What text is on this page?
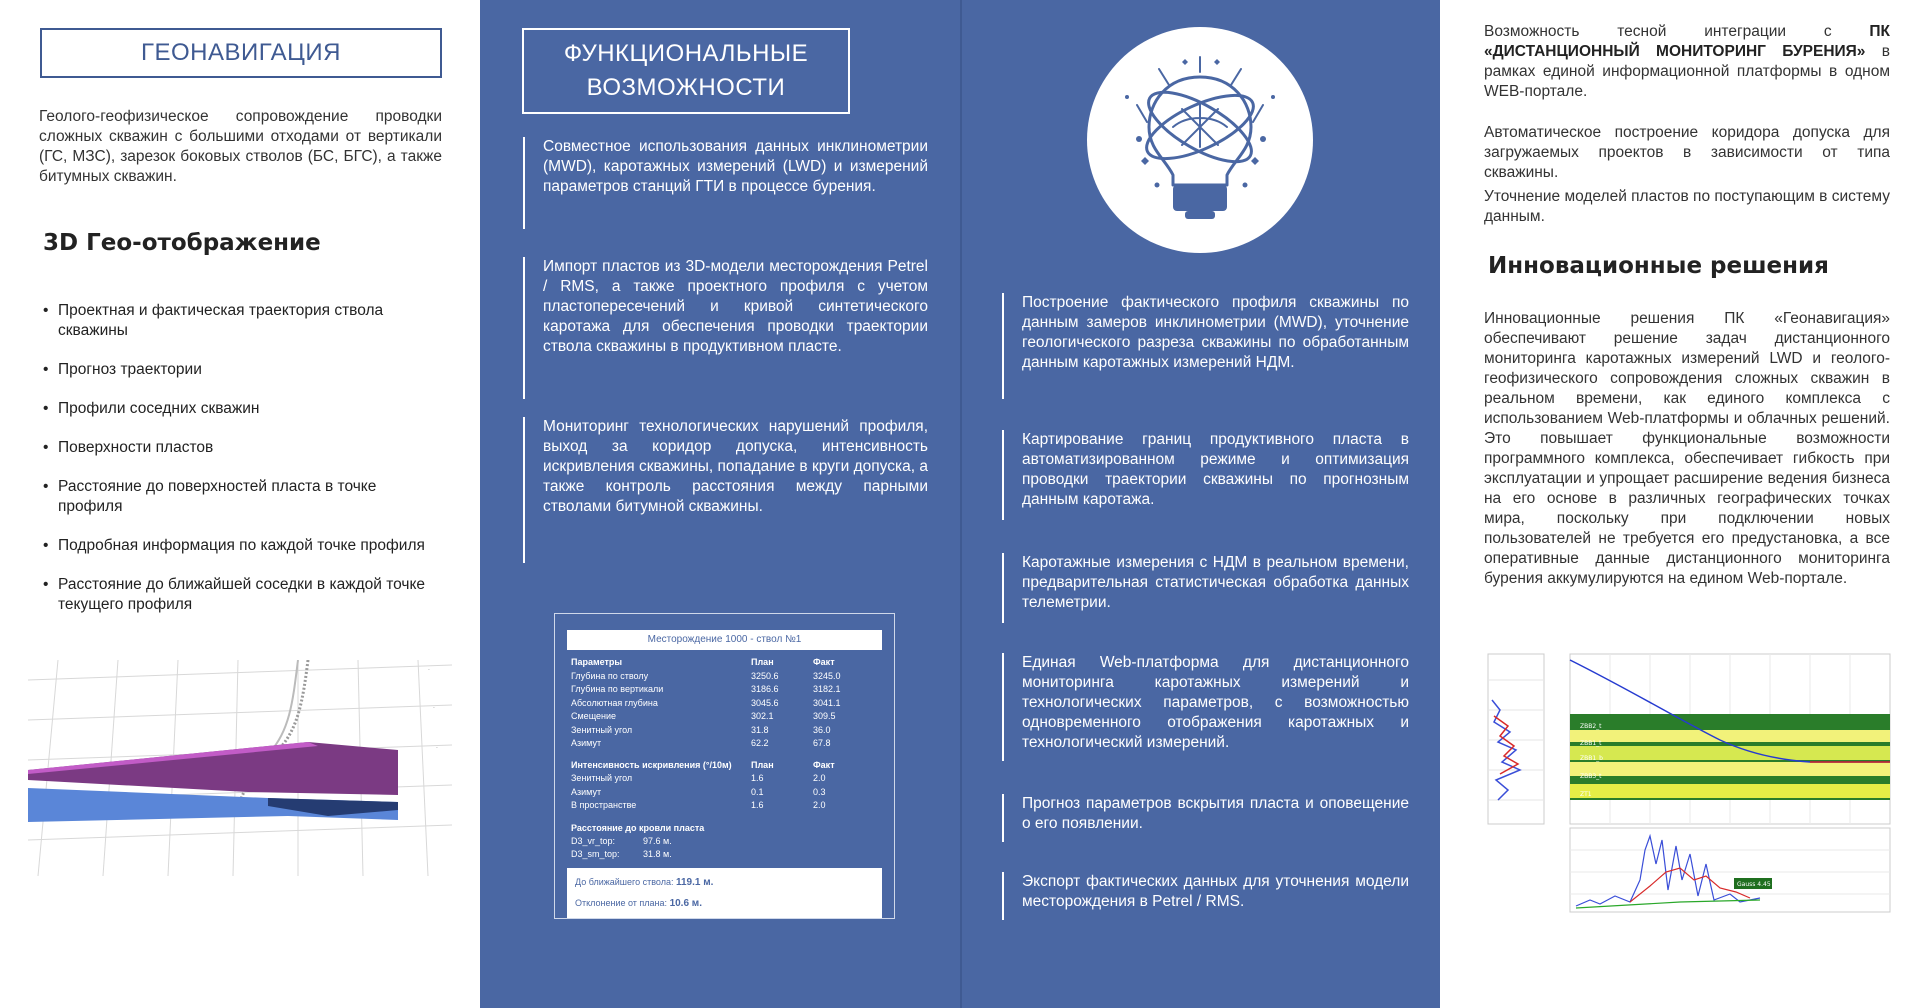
ГЕОНАВИГАЦИЯ

Геолого-геофизическое сопровождение проводки сложных скважин с большими отходами от вертикали (ГС, МЗС), зарезок боковых стволов (БС, БГС), а также битумных скважин.

3D Гео-отображение
• Проектная и фактическая траектория ствола скважины
• Прогноз траектории
• Профили соседних скважин
• Поверхности пластов
• Расстояние до поверхностей пласта в точке профиля
• Подробная информация по каждой точке профиля
• Расстояние до ближайшей соседки в каждой точке текущего профиля
·
·
·
ФУНКЦИОНАЛЬНЫЕ
ВОЗМОЖНОСТИ

Совместное использования данных инклинометрии (MWD), каротажных измерений (LWD) и измерений параметров станций ГТИ в процессе бурения.

Импорт пластов из 3D-модели месторождения Petrel / RMS, а также проектного профиля с учетом пластопересечений и кривой синтетического каротажа для обеспечения проводки траектории ствола скважины в продуктивном пласте.

Мониторинг технологических нарушений профиля, выход за коридор допуска, интенсивность искривления скважины, попадание в круги допуска, а также контроль расстояния между парными стволами битумной скважины.

Месторождение 1000 - ствол №1
Параметры	План	Факт
Глубина по стволу	3250.6	3245.0
Глубина по вертикали	3186.6	3182.1
Абсолютная глубина	3045.6	3041.1
Смещение	302.1	309.5
Зенитный угол	31.8	36.0
Азимут	62.2	67.8
Интенсивность искривления (°/10м)	План	Факт
Зенитный угол	1.6	2.0
Азимут	0.1	0.3
В пространстве	1.6	2.0
Расстояние до кровли пласта
D3_vr_top:	97.6 м.
D3_sm_top:	31.8 м.
До ближайшего ствола: 119.1 м.
Отклонение от плана: 10.6 м.

Построение фактического профиля скважины по данным замеров инклинометрии (MWD), уточнение геологического разреза скважины по обработанным данным каротажных измерений НДМ.

Картирование границ продуктивного пласта в автоматизированном режиме и оптимизация проводки траектории скважины по прогнозным данным каротажа.

Каротажные измерения с НДМ в реальном времени, предварительная статистическая обработка данных телеметрии.

Единая Web-платформа для дистанционного мониторинга каротажных измерений и технологических параметров, с возможностью одновременного отображения каротажных и технологический измерений.

Прогноз параметров вскрытия пласта и оповещение о его появлении.

Экспорт фактических данных для уточнения модели месторождения в Petrel / RMS.

Возможность тесной интеграции с ПК «ДИСТАНЦИОННЫЙ МОНИТОРИНГ БУРЕНИЯ» в рамках единой информационной платформы в одном WEB-портале.

Автоматическое построение коридора допуска для загружаемых проектов в зависимости от типа скважины.

Уточнение моделей пластов по поступающим в систему данным.

Инновационные решения

Инновационные решения ПК «Геонавигация» обеспечивают решение задач дистанционного мониторинга каротажных измерений LWD и геолого-геофизического сопровождения сложных скважин в реальном времени, как единого комплекса с использованием Web-платформы и облачных решений. Это повышает функциональные возможности программного комплекса, обеспечивает гибкость при эксплуатации и упрощает расширение ведения бизнеса на его основе в различных географических точках мира, поскольку при подключении новых пользователей не требуется его предустановка, а все оперативные данные дистанционного мониторинга бурения аккумулируются на едином Web-портале.

ZBB2_t
ZBB1_t
ZBB1_b
ZBB3_t
ZT1
Gauss 4.45
